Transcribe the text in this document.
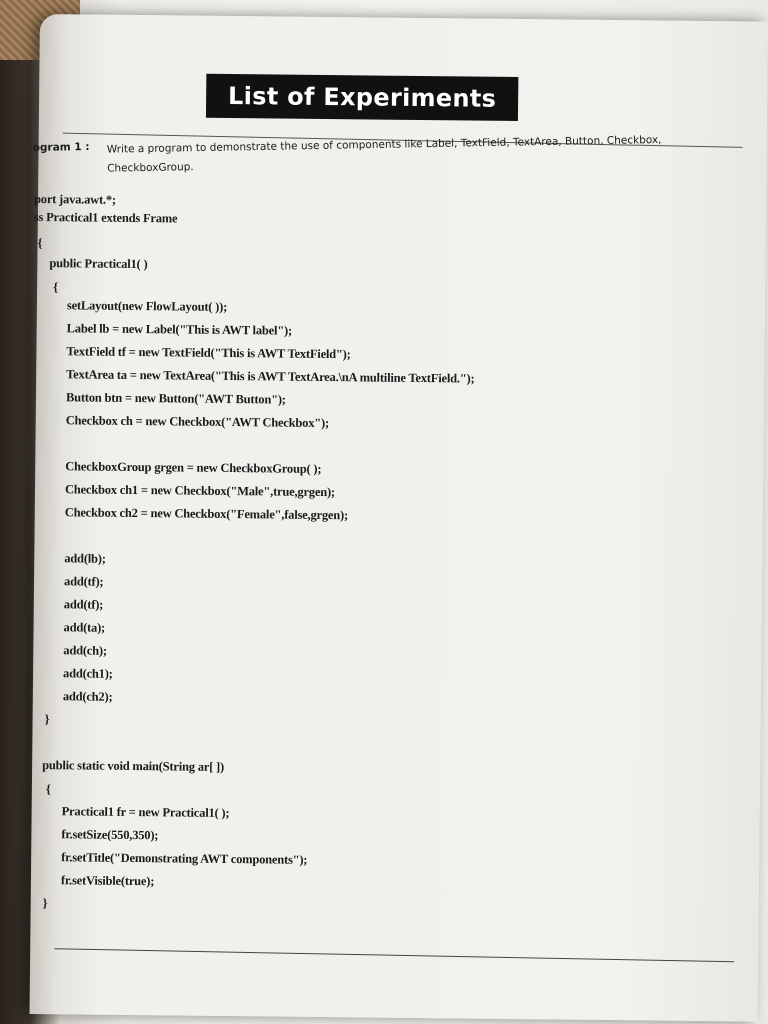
List of Experiments
ogram 1 : Write a program to demonstrate the use of components like Label, TextField, TextArea, Button, Checkbox,
CheckboxGroup.
port java.awt.*;
ss Practical1 extends Frame
{
public Practical1( )
{
setLayout(new FlowLayout( ));
Label lb = new Label("This is AWT label");
TextField tf = new TextField("This is AWT TextField");
TextArea ta = new TextArea("This is AWT TextArea.\nA multiline TextField.");
Button btn = new Button("AWT Button");
Checkbox ch = new Checkbox("AWT Checkbox");
CheckboxGroup grgen = new CheckboxGroup( );
Checkbox ch1 = new Checkbox("Male",true,grgen);
Checkbox ch2 = new Checkbox("Female",false,grgen);
add(lb);
add(tf);
add(tf);
add(ta);
add(ch);
add(ch1);
add(ch2);
}
public static void main(String ar[ ])
{
Practical1 fr = new Practical1( );
fr.setSize(550,350);
fr.setTitle("Demonstrating AWT components");
fr.setVisible(true);
}
